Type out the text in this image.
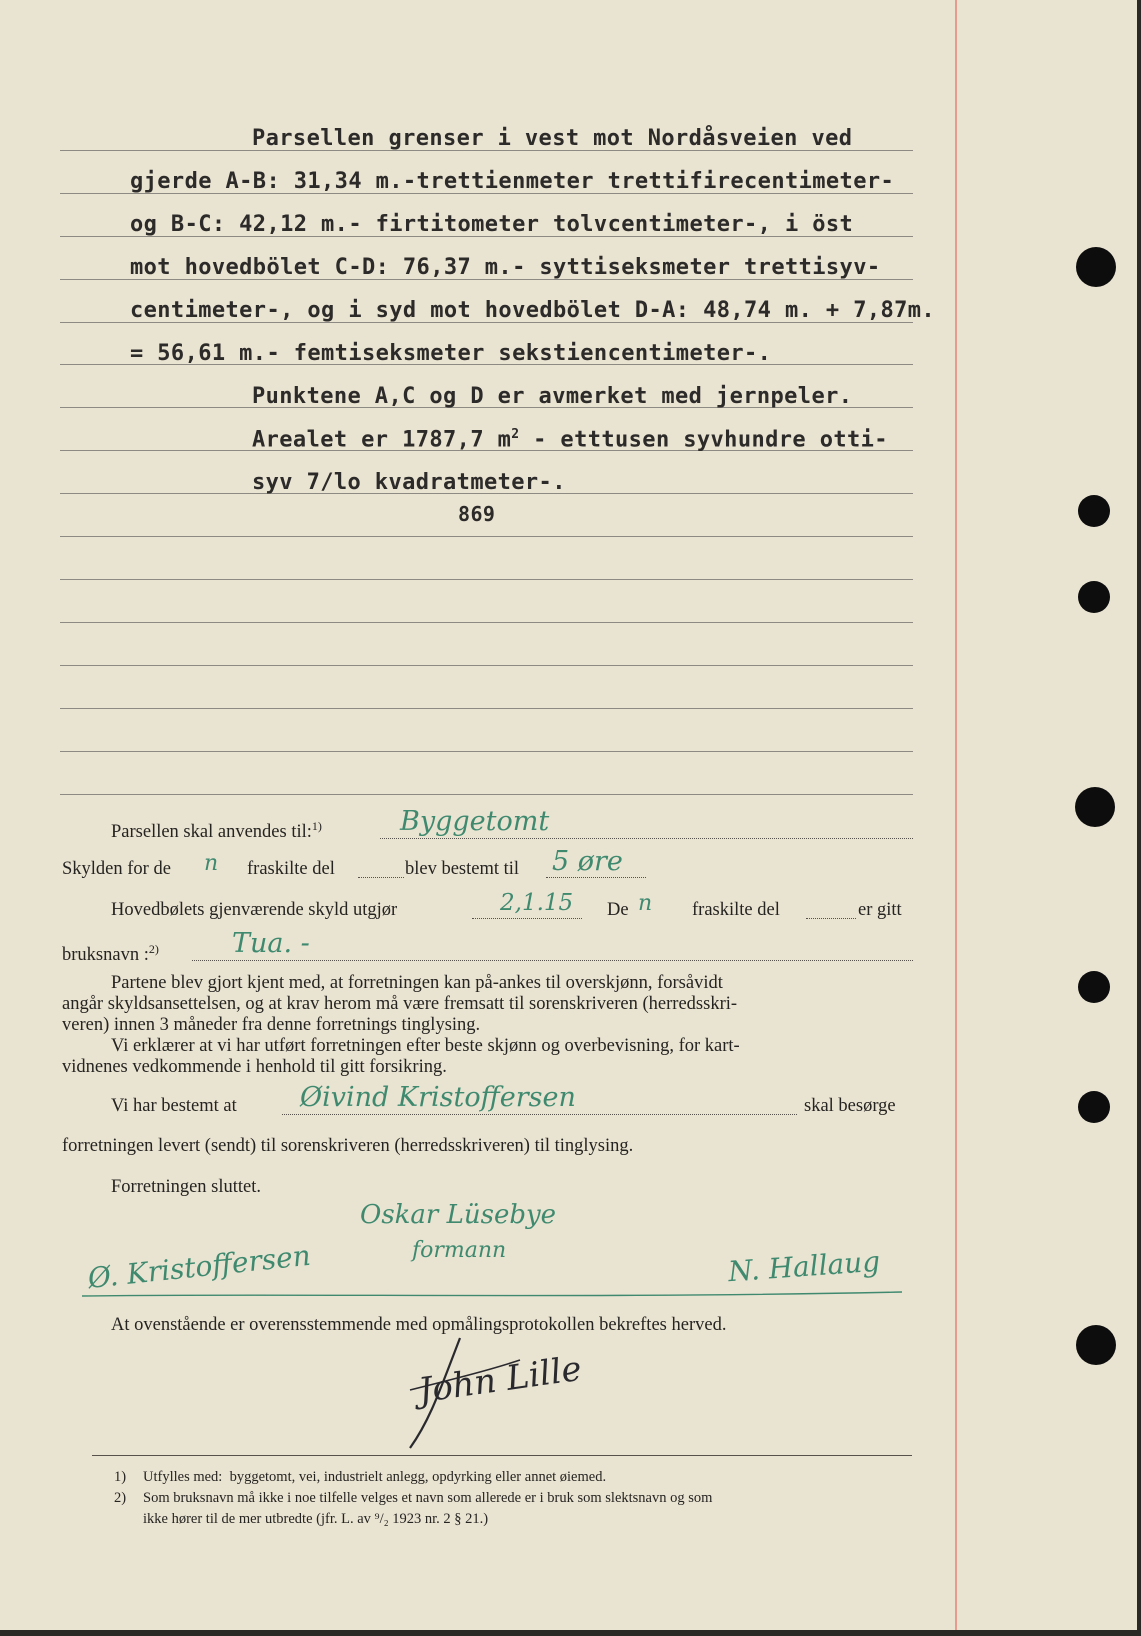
Parsellen grenser i vest mot Nordåsveien ved
gjerde A-B: 31,34 m.-trettienmeter trettifirecentimeter-
og B-C: 42,12 m.- firtitometer tolvcentimeter-, i öst
mot hovedbölet C-D: 76,37 m.- syttiseksmeter trettisyv-
centimeter-, og i syd mot hovedbölet D-A: 48,74 m. + 7,87m.
= 56,61 m.- femtiseksmeter sekstiencentimeter-.
Punktene A,C og D er avmerket med jernpeler.
Arealet er 1787,7 $m^2$ - etttusen syvhundre otti-
syv 7/lo kvadratmeter-.
869
Parsellen skal anvendes til:$^{1)}$	Byggetomt
Skylden for de n fraskilte del	blev bestemt til 5 øre
Hovedbølets gjenværende skyld utgjør	2,1.15 De n fraskilte del	er gitt
bruksnavn :$^{2)}$	Tua. -
Partene blev gjort kjent med, at forretningen kan på-ankes til overskjønn, forsåvidt
angår skyldsansettelsen, og at krav herom må være fremsatt til sorenskriveren (herredsskri-
veren) innen 3 måneder fra denne forretnings tinglysing.
Vi erklærer at vi har utført forretningen efter beste skjønn og overbevisning, for kart-
vidnenes vedkommende i henhold til gitt forsikring.
Vi har bestemt at Øivind Kristoffersen	skal besørge
forretningen levert (sendt) til sorenskriveren (herredsskriveren) til tinglysing.
Forretningen sluttet.
Oskar Lüsebye
formann
Ø. Kristoffersen	N. Hallaug
At ovenstående er overensstemmende med opmålingsprotokollen bekreftes herved.
John Lille
1) Utfylles med:  byggetomt, vei, industrielt anlegg, opdyrking eller annet øiemed.
2) Som bruksnavn må ikke i noe tilfelle velges et navn som allerede er i bruk som slektsnavn og som
ikke hører til de mer utbredte (jfr. L. av ⁹/₂ 1923 nr. 2 § 21.)
